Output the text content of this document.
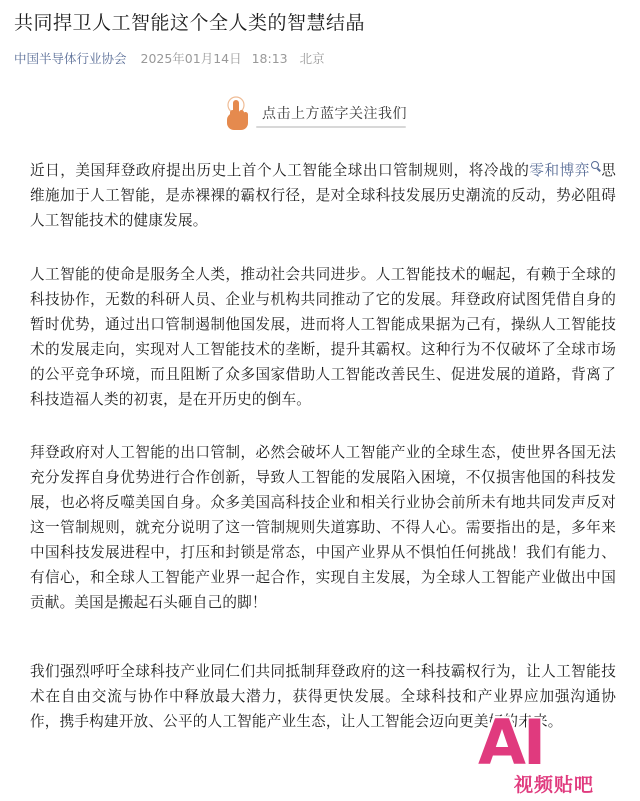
共同捍卫人工智能这个全人类的智慧结晶
中国半导体行业协会 2025年01月14日 18:13 北京
点击上方蓝字关注我们
近日，美国拜登政府提出历史上首个人工智能全球出口管制规则，将冷战的零和博弈 思维施加于人工智能，是赤裸裸的霸权行径，是对全球科技发展历史潮流的反动，势必阻碍人工智能技术的健康发展。
人工智能的使命是服务全人类，推动社会共同进步。人工智能技术的崛起，有赖于全球的科技协作，无数的科研人员、企业与机构共同推动了它的发展。拜登政府试图凭借自身的暂时优势，通过出口管制遏制他国发展，进而将人工智能成果据为己有，操纵人工智能技术的发展走向，实现对人工智能技术的垄断，提升其霸权。这种行为不仅破坏了全球市场的公平竞争环境，而且阻断了众多国家借助人工智能改善民生、促进发展的道路，背离了科技造福人类的初衷，是在开历史的倒车。
拜登政府对人工智能的出口管制，必然会破坏人工智能产业的全球生态，使世界各国无法充分发挥自身优势进行合作创新，导致人工智能的发展陷入困境，不仅损害他国的科技发展，也必将反噬美国自身。众多美国高科技企业和相关行业协会前所未有地共同发声反对这一管制规则，就充分说明了这一管制规则失道寡助、不得人心。需要指出的是，多年来中国科技发展进程中，打压和封锁是常态，中国产业界从不惧怕任何挑战！我们有能力、有信心，和全球人工智能产业界一起合作，实现自主发展，为全球人工智能产业做出中国贡献。美国是搬起石头砸自己的脚！
我们强烈呼吁全球科技产业同仁们共同抵制拜登政府的这一科技霸权行为，让人工智能技术在自由交流与协作中释放最大潜力，获得更快发展。全球科技和产业界应加强沟通协作，携手构建开放、公平的人工智能产业生态，让人工智能会迈向更美好的未来。
AI
视频贴吧
